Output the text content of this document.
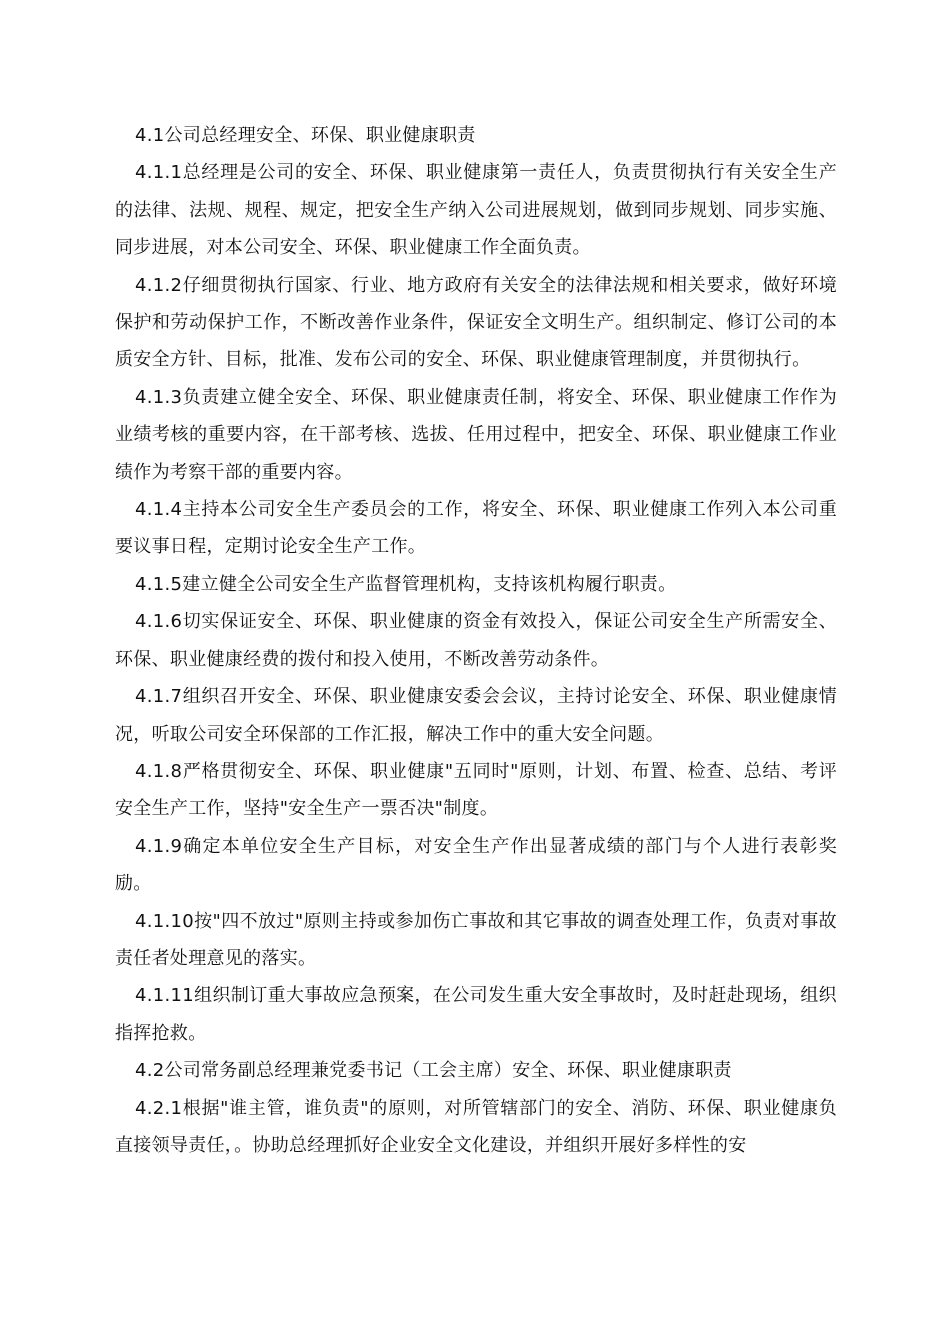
4.1公司总经理安全、环保、职业健康职责

4.1.1总经理是公司的安全、环保、职业健康第一责任人，负责贯彻执行有关安全生产的法律、法规、规程、规定，把安全生产纳入公司进展规划，做到同步规划、同步实施、同步进展，对本公司安全、环保、职业健康工作全面负责。

4.1.2仔细贯彻执行国家、行业、地方政府有关安全的法律法规和相关要求，做好环境保护和劳动保护工作，不断改善作业条件，保证安全文明生产。组织制定、修订公司的本质安全方针、目标，批准、发布公司的安全、环保、职业健康管理制度，并贯彻执行。

4.1.3负责建立健全安全、环保、职业健康责任制，将安全、环保、职业健康工作作为业绩考核的重要内容，在干部考核、选拔、任用过程中，把安全、环保、职业健康工作业绩作为考察干部的重要内容。

4.1.4主持本公司安全生产委员会的工作，将安全、环保、职业健康工作列入本公司重要议事日程，定期讨论安全生产工作。

4.1.5建立健全公司安全生产监督管理机构，支持该机构履行职责。

4.1.6切实保证安全、环保、职业健康的资金有效投入，保证公司安全生产所需安全、环保、职业健康经费的拨付和投入使用，不断改善劳动条件。

4.1.7组织召开安全、环保、职业健康安委会会议，主持讨论安全、环保、职业健康情况，听取公司安全环保部的工作汇报，解决工作中的重大安全问题。

4.1.8严格贯彻安全、环保、职业健康"五同时"原则，计划、布置、检查、总结、考评安全生产工作，坚持"安全生产一票否决"制度。

4.1.9确定本单位安全生产目标，对安全生产作出显著成绩的部门与个人进行表彰奖励。

4.1.10按"四不放过"原则主持或参加伤亡事故和其它事故的调查处理工作，负责对事故责任者处理意见的落实。

4.1.11组织制订重大事故应急预案，在公司发生重大安全事故时，及时赶赴现场，组织指挥抢救。

4.2公司常务副总经理兼党委书记（工会主席）安全、环保、职业健康职责

4.2.1根据"谁主管，谁负责"的原则，对所管辖部门的安全、消防、环保、职业健康负直接领导责任，。协助总经理抓好企业安全文化建设，并组织开展好多样性的安
